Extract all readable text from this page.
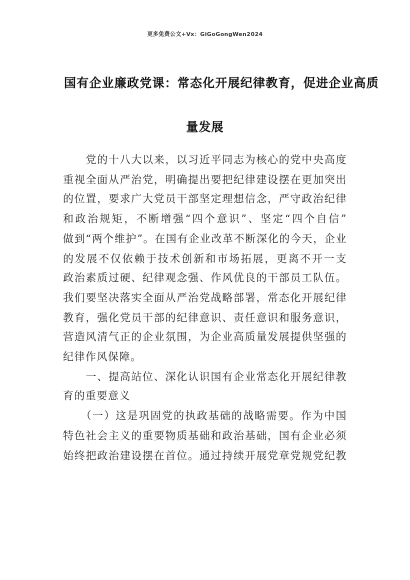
更多免费公文+Vx：GiGoGongWen2024
国有企业廉政党课：常态化开展纪律教育，促进企业高质
量发展
　　党的十八大以来，以习近平同志为核心的党中央高度
重视全面从严治党，明确提出要把纪律建设摆在更加突出
的位置，要求广大党员干部坚定理想信念，严守政治纪律
和政治规矩，不断增强“四个意识”、坚定“四个自信”
做到“两个维护”。在国有企业改革不断深化的今天，企业
的发展不仅依赖于技术创新和市场拓展，更离不开一支
政治素质过硬、纪律观念强、作风优良的干部员工队伍。
我们要坚决落实全面从严治党战略部署，常态化开展纪律
教育，强化党员干部的纪律意识、责任意识和服务意识，
营造风清气正的企业氛围，为企业高质量发展提供坚强的
纪律作风保障。
　　一、提高站位、深化认识国有企业常态化开展纪律教
育的重要意义
　　（一）这是巩固党的执政基础的战略需要。作为中国
特色社会主义的重要物质基础和政治基础，国有企业必须
始终把政治建设摆在首位。通过持续开展党章党规党纪教
